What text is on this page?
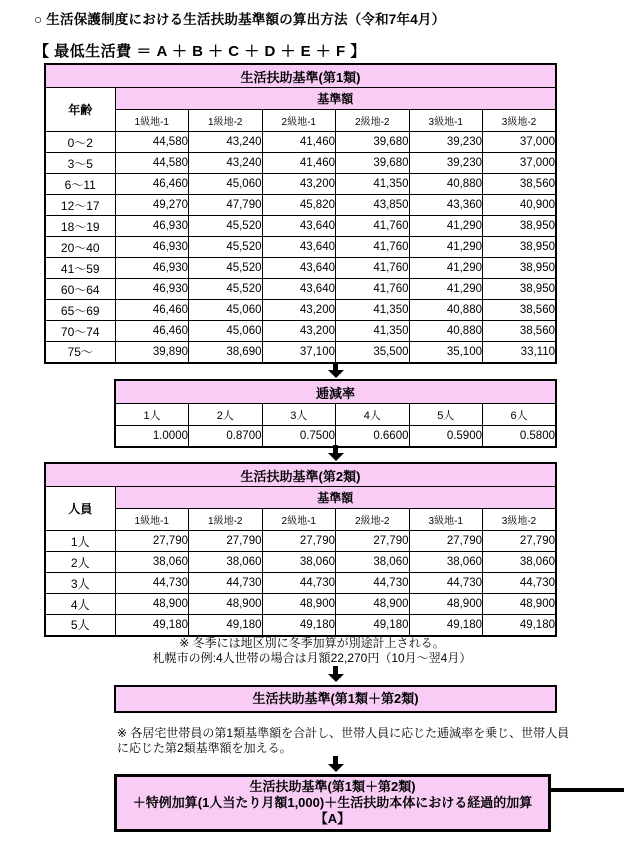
○ 生活保護制度における生活扶助基準額の算出方法（令和7年4月）
【 最低生活費 ＝ A ＋ B ＋ C ＋ D ＋ E ＋ F 】
生活扶助基準(第1類)						
年齢	基準額					
	1級地-1	1級地-2	2級地-1	2級地-2	3級地-1	3級地-2
0～2	44,580	43,240	41,460	39,680	39,230	37,000
3～5	44,580	43,240	41,460	39,680	39,230	37,000
6～11	46,460	45,060	43,200	41,350	40,880	38,560
12～17	49,270	47,790	45,820	43,850	43,360	40,900
18～19	46,930	45,520	43,640	41,760	41,290	38,950
20～40	46,930	45,520	43,640	41,760	41,290	38,950
41～59	46,930	45,520	43,640	41,760	41,290	38,950
60～64	46,930	45,520	43,640	41,760	41,290	38,950
65～69	46,460	45,060	43,200	41,350	40,880	38,560
70～74	46,460	45,060	43,200	41,350	40,880	38,560
75～	39,890	38,690	37,100	35,500	35,100	33,110
逓減率					
1人	2人	3人	4人	5人	6人
1.0000	0.8700	0.7500	0.6600	0.5900	0.5800
生活扶助基準(第2類)						
人員	基準額					
	1級地-1	1級地-2	2級地-1	2級地-2	3級地-1	3級地-2
1人	27,790	27,790	27,790	27,790	27,790	27,790
2人	38,060	38,060	38,060	38,060	38,060	38,060
3人	44,730	44,730	44,730	44,730	44,730	44,730
4人	48,900	48,900	48,900	48,900	48,900	48,900
5人	49,180	49,180	49,180	49,180	49,180	49,180
※ 冬季には地区別に冬季加算が別途計上される。
札幌市の例:4人世帯の場合は月額22,270円（10月～翌4月）
生活扶助基準(第1類＋第2類)
※ 各居宅世帯員の第1類基準額を合計し、世帯人員に応じた逓減率を乗じ、世帯人員
に応じた第2類基準額を加える。
生活扶助基準(第1類＋第2類)
＋特例加算(1人当たり月額1,000)＋生活扶助本体における経過的加算【A】
